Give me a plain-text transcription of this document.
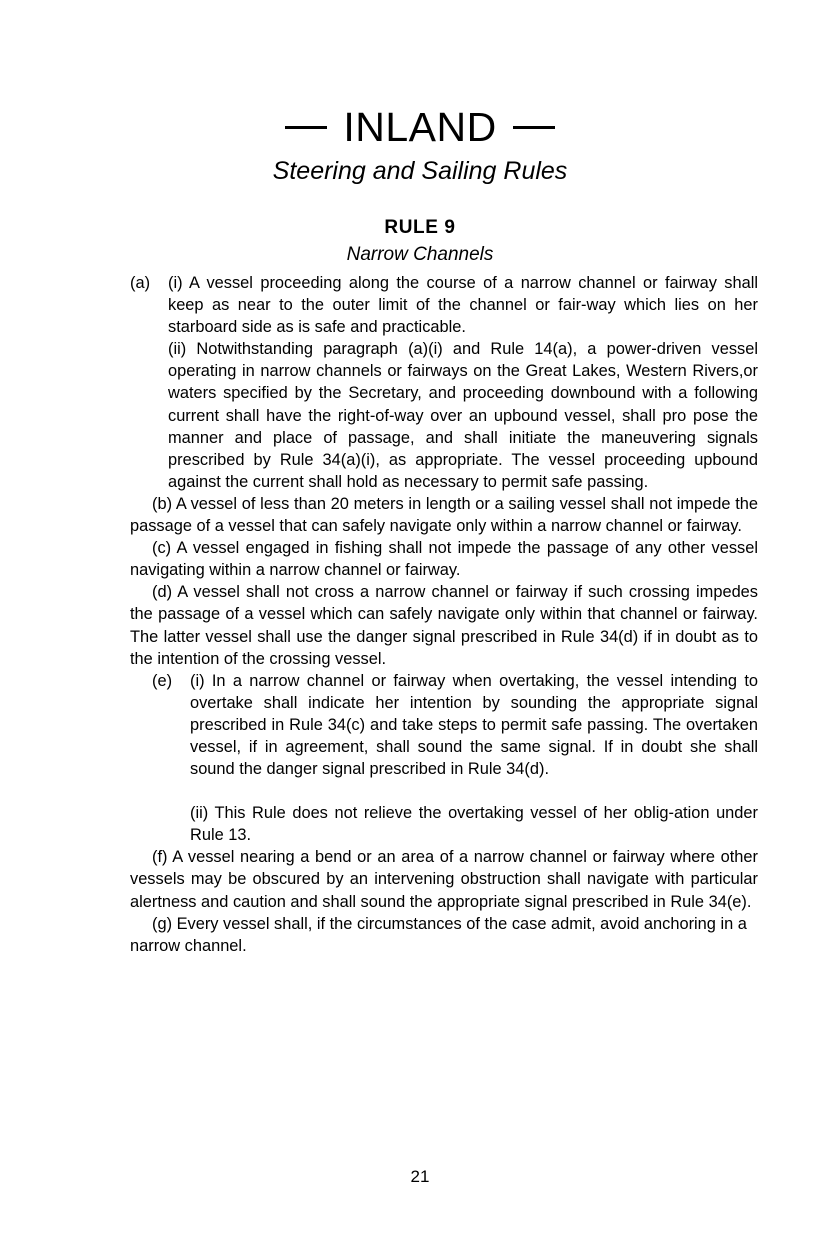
INLAND
Steering and Sailing Rules
RULE 9
Narrow Channels
(a)	(i) A vessel proceeding along the course of a narrow channel or fairway shall keep as near to the outer limit of the channel or fair-way which lies on her starboard side as is safe and practicable.

(ii) Notwithstanding paragraph (a)(i) and Rule 14(a), a power-driven vessel operating in narrow channels or fairways on the Great Lakes, Western Rivers,or waters specified by the Secretary, and proceeding downbound with a following current shall have the right-of-way over an upbound vessel, shall pro pose the manner and place of passage, and shall initiate the maneuvering signals prescribed by Rule 34(a)(i), as appropriate. The vessel proceeding upbound against the current shall hold as necessary to permit safe passing.

(b) A vessel of less than 20 meters in length or a sailing vessel shall not impede the passage of a vessel that can safely navigate only within a narrow channel or fairway.

(c) A vessel engaged in fishing shall not impede the passage of any other vessel navigating within a narrow channel or fairway.

(d) A vessel shall not cross a narrow channel or fairway if such crossing impedes the passage of a vessel which can safely navigate only within that channel or fairway. The latter vessel shall use the danger signal prescribed in Rule 34(d) if in doubt as to the intention of the crossing vessel.

(e)	(i) In a narrow channel or fairway when overtaking, the vessel intending to overtake shall indicate her intention by sounding the appropriate signal prescribed in Rule 34(c) and take steps to permit safe passing. The overtaken vessel, if in agreement, shall sound the same signal. If in doubt she shall sound the danger signal prescribed in Rule 34(d).

(ii) This Rule does not relieve the overtaking vessel of her oblig-ation under Rule 13.

(f) A vessel nearing a bend or an area of a narrow channel or fairway where other vessels may be obscured by an intervening obstruction shall navigate with particular alertness and caution and shall sound the appropriate signal prescribed in Rule 34(e).

(g) Every vessel shall, if the circumstances of the case admit, avoid anchoring in a narrow channel.

21
